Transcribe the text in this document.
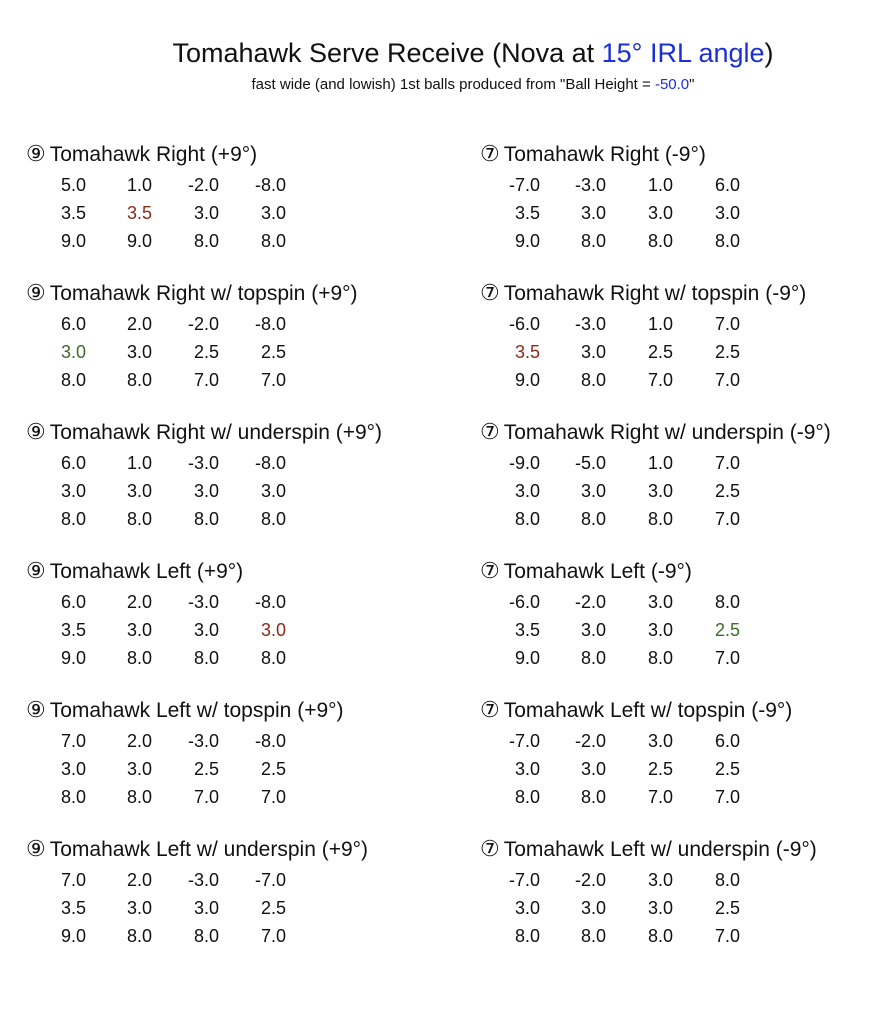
Tomahawk Serve Receive (Nova at 15° IRL angle)
fast wide (and lowish) 1st balls produced from "Ball Height = -50.0"
⑨ Tomahawk Right (+9°)
5.0 1.0 -2.0 -8.0
3.5 3.5 3.0 3.0
9.0 9.0 8.0 8.0
⑦ Tomahawk Right (-9°)
-7.0 -3.0 1.0 6.0
3.5 3.0 3.0 3.0
9.0 8.0 8.0 8.0
⑨ Tomahawk Right w/ topspin (+9°)
6.0 2.0 -2.0 -8.0
3.0 3.0 2.5 2.5
8.0 8.0 7.0 7.0
⑦ Tomahawk Right w/ topspin (-9°)
-6.0 -3.0 1.0 7.0
3.5 3.0 2.5 2.5
9.0 8.0 7.0 7.0
⑨ Tomahawk Right w/ underspin (+9°)
6.0 1.0 -3.0 -8.0
3.0 3.0 3.0 3.0
8.0 8.0 8.0 8.0
⑦ Tomahawk Right w/ underspin (-9°)
-9.0 -5.0 1.0 7.0
3.0 3.0 3.0 2.5
8.0 8.0 8.0 7.0
⑨ Tomahawk Left (+9°)
6.0 2.0 -3.0 -8.0
3.5 3.0 3.0 3.0
9.0 8.0 8.0 8.0
⑦ Tomahawk Left (-9°)
-6.0 -2.0 3.0 8.0
3.5 3.0 3.0 2.5
9.0 8.0 8.0 7.0
⑨ Tomahawk Left w/ topspin (+9°)
7.0 2.0 -3.0 -8.0
3.0 3.0 2.5 2.5
8.0 8.0 7.0 7.0
⑦ Tomahawk Left w/ topspin (-9°)
-7.0 -2.0 3.0 6.0
3.0 3.0 2.5 2.5
8.0 8.0 7.0 7.0
⑨ Tomahawk Left w/ underspin (+9°)
7.0 2.0 -3.0 -7.0
3.5 3.0 3.0 2.5
9.0 8.0 8.0 7.0
⑦ Tomahawk Left w/ underspin (-9°)
-7.0 -2.0 3.0 8.0
3.0 3.0 3.0 2.5
8.0 8.0 8.0 7.0
